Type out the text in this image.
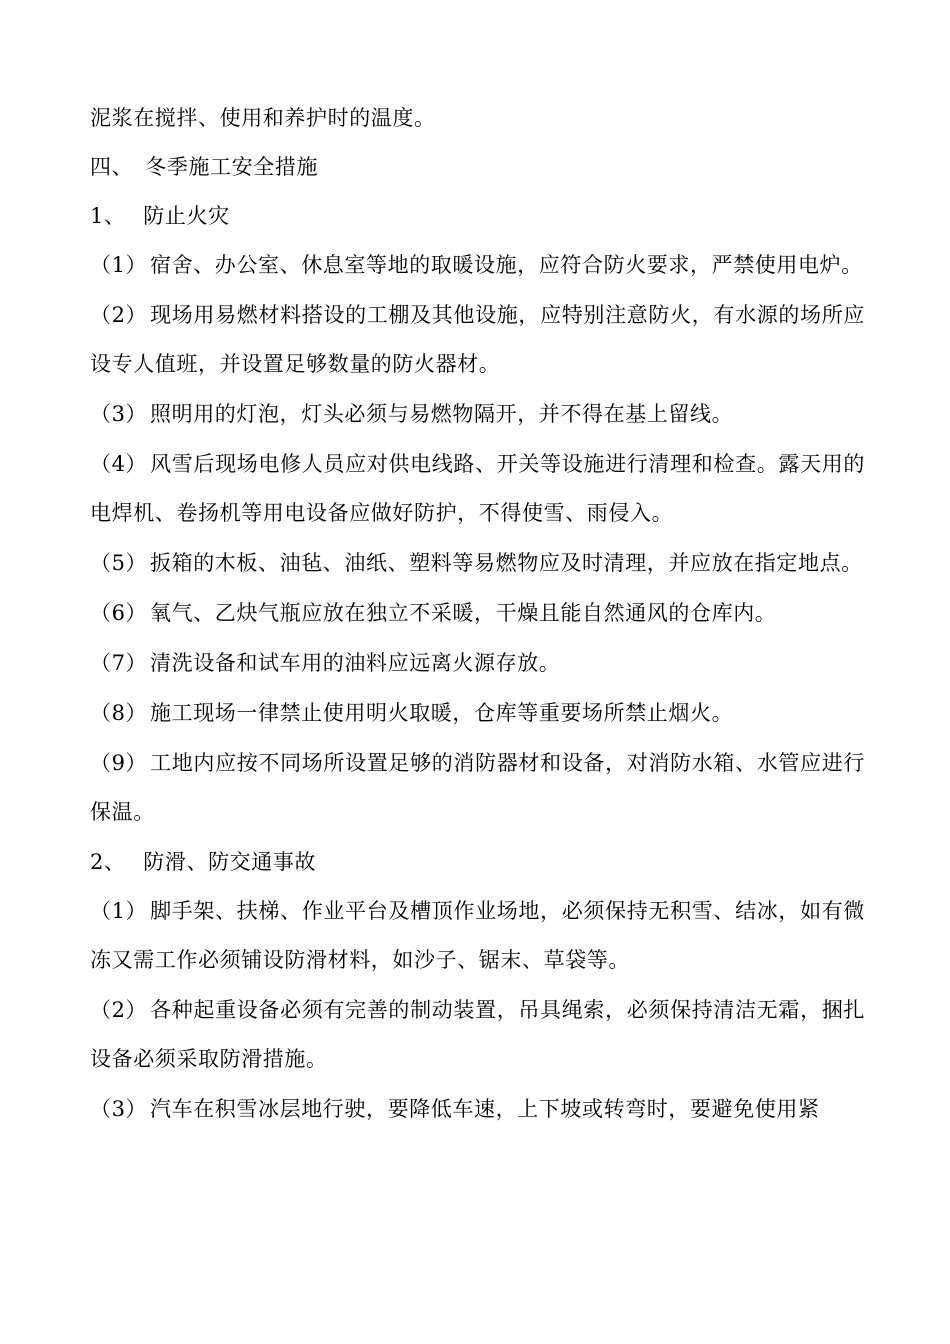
泥浆在搅拌、使用和养护时的温度。
四、 冬季施工安全措施
1、 防止火灾
（1） 宿舍、办公室、休息室等地的取暖设施，应符合防火要求，严禁使用电炉。
（2） 现场用易燃材料搭设的工棚及其他设施，应特别注意防火，有水源的场所应设专人值班，并设置足够数量的防火器材。
（3） 照明用的灯泡，灯头必须与易燃物隔开，并不得在基上留线。
（4） 风雪后现场电修人员应对供电线路、开关等设施进行清理和检查。露天用的电焊机、卷扬机等用电设备应做好防护，不得使雪、雨侵入。
（5） 扳箱的木板、油毡、油纸、塑料等易燃物应及时清理，并应放在指定地点。
（6） 氧气、乙炔气瓶应放在独立不采暖，干燥且能自然通风的仓库内。
（7） 清洗设备和试车用的油料应远离火源存放。
（8） 施工现场一律禁止使用明火取暖，仓库等重要场所禁止烟火。
（9） 工地内应按不同场所设置足够的消防器材和设备，对消防水箱、水管应进行保温。
2、 防滑、防交通事故
（1） 脚手架、扶梯、作业平台及槽顶作业场地，必须保持无积雪、结冰，如有微冻又需工作必须铺设防滑材料，如沙子、锯末、草袋等。
（2） 各种起重设备必须有完善的制动装置，吊具绳索，必须保持清洁无霜，捆扎设备必须采取防滑措施。
（3） 汽车在积雪冰层地行驶，要降低车速，上下坡或转弯时，要避免使用紧
